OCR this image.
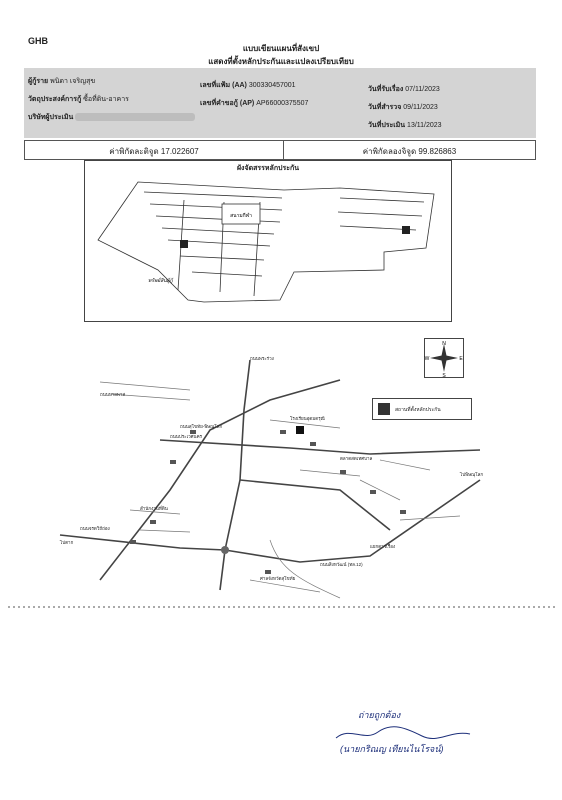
GHB
แบบเขียนแผนที่สังเขป
แสดงที่ตั้งหลักประกันและแปลงเปรียบเทียบ
ผู้กู้ราย พนิดา เจริญสุข
วัตถุประสงค์การกู้ ซื้อที่ดิน-อาคาร
บริษัทผู้ประเมิน
เลขที่แฟ้ม (AA) 300330457001
เลขที่คำขอกู้ (AP) AP66000375507
วันที่รับเรื่อง 07/11/2023
วันที่สำรวจ 09/11/2023
วันที่ประเมิน 13/11/2023
ค่าพิกัดละติจูด 17.022607	ค่าพิกัดลองจิจูด 99.826863
ผังจัดสรรหลักประกัน
สนามกีฬา
ทรัพย์สินผู้กู้
ถนนจรดวิถีถ่อง
ถนนสิงหวัฒน์ (ทล.12)
ถนนพระร่วง
ถนนบายพาส
ถนนประเวศนคร
แยกดาวเรือง
ถนนสุโขทัย-พิษณุโลก
โรงเรียนอุดมดรุณี
ตลาดสดเทศบาล
สำนักงานที่ดิน
ศาลจังหวัดสุโขทัย
ไปพิษณุโลก
ไปตาก
N
S
E
W
สถานที่ตั้งหลักประกัน
ถ่ายถูกต้อง
(นายกริณญ เทียนไนโรจน์)
